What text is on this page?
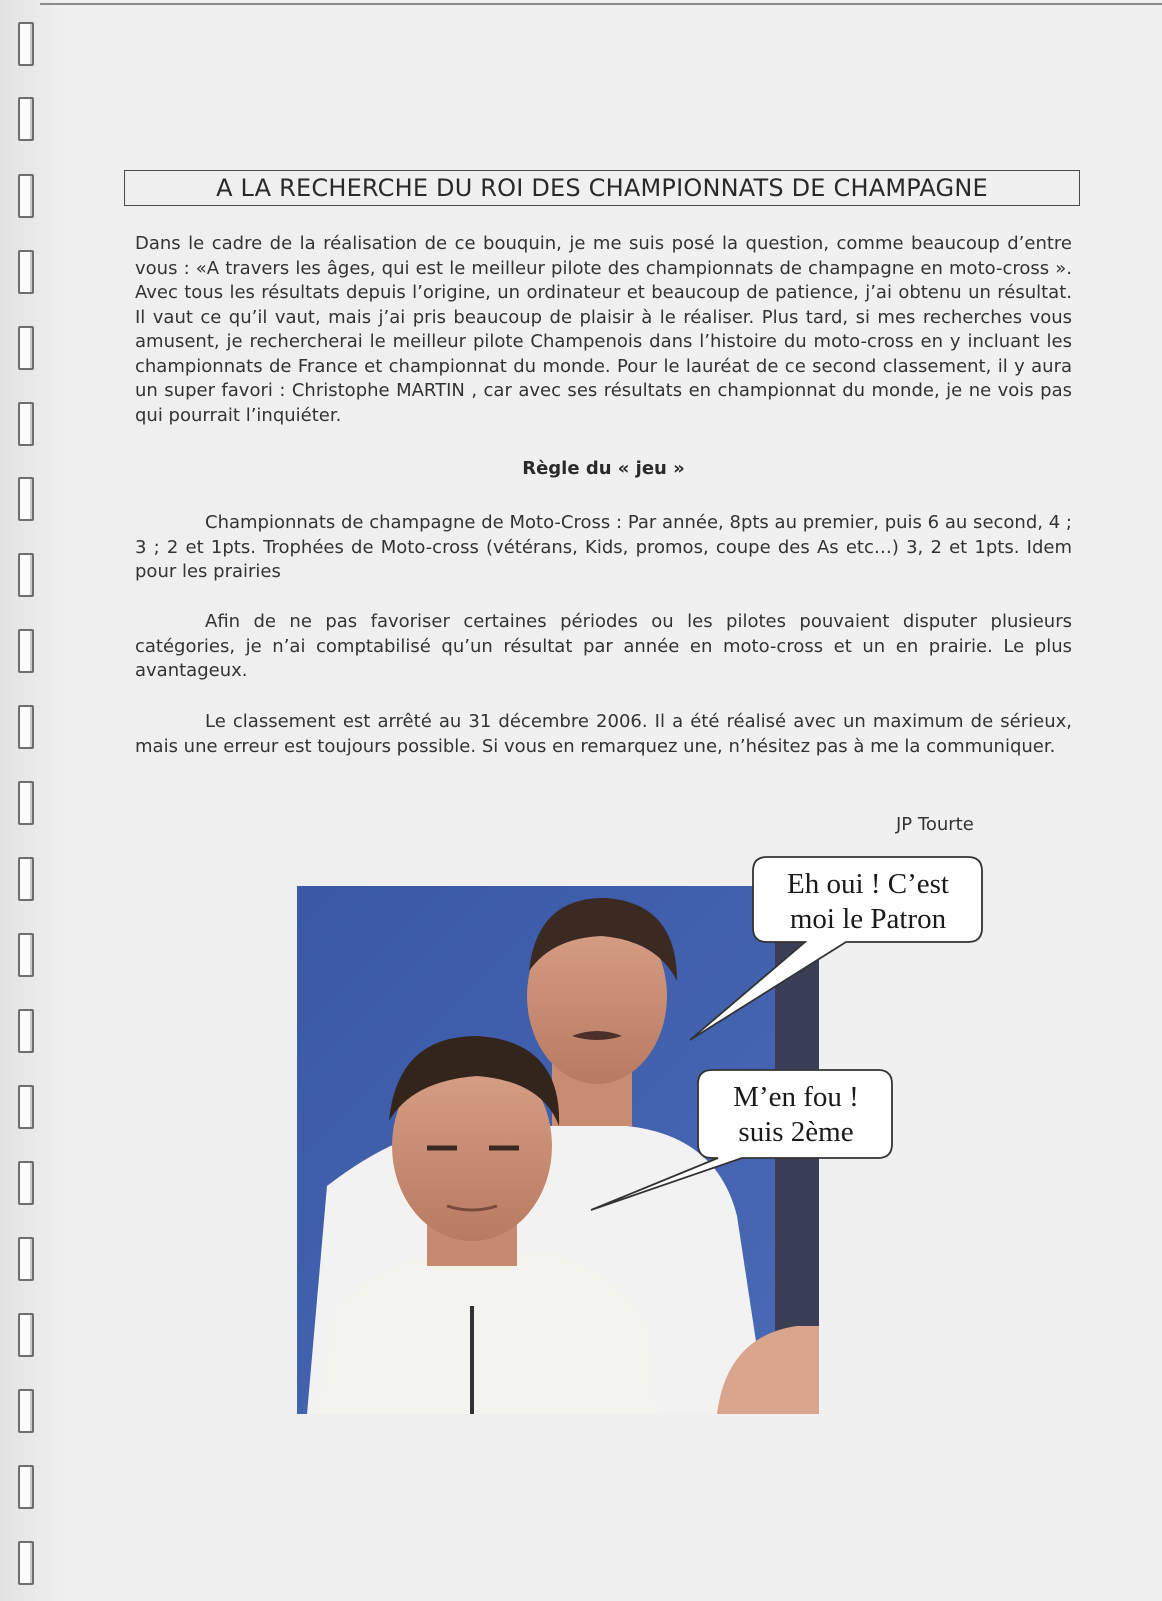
A LA RECHERCHE DU ROI DES CHAMPIONNATS DE CHAMPAGNE

Dans le cadre de la réalisation de ce bouquin, je me suis posé la question, comme beaucoup d’entre vous : «A travers les âges, qui est le meilleur pilote des championnats de champagne en moto-cross ». Avec tous les résultats depuis l’origine, un ordinateur et beaucoup de patience, j’ai obtenu un résultat. Il vaut ce qu’il vaut, mais j’ai pris beaucoup de plaisir à le réaliser. Plus tard, si mes recherches vous amusent, je rechercherai le meilleur pilote Champenois dans l’histoire du moto-cross en y incluant les championnats de France et championnat du monde. Pour le lauréat de ce second classement, il y aura un super favori : Christophe MARTIN , car avec ses résultats en championnat du monde, je ne vois pas qui pourrait l’inquiéter.

Règle du « jeu »

Championnats de champagne de Moto-Cross : Par année, 8pts au premier, puis 6 au second, 4 ; 3 ; 2 et 1pts. Trophées de Moto-cross (vétérans, Kids, promos, coupe des As etc…) 3, 2 et 1pts. Idem pour les prairies

Afin de ne pas favoriser certaines périodes ou les pilotes pouvaient disputer plusieurs catégories, je n’ai comptabilisé qu’un résultat par année en moto-cross et un en prairie. Le plus avantageux.

Le classement est arrêté au 31 décembre 2006. Il a été réalisé avec un maximum de sérieux, mais une erreur est toujours possible. Si vous en remarquez une, n’hésitez pas à me la communiquer.

JP Tourte
Eh oui ! C’est
moi le Patron
M’en fou !
suis 2ème
